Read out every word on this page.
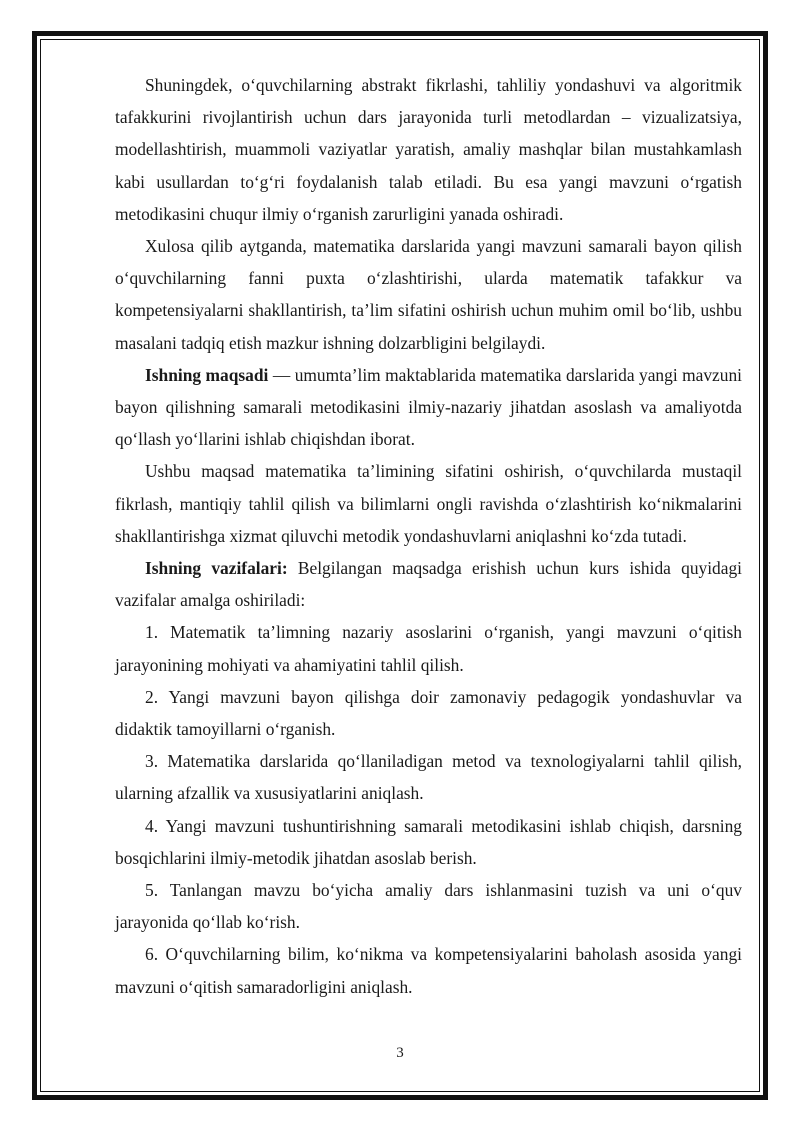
Shuningdek, o‘quvchilarning abstrakt fikrlashi, tahliliy yondashuvi va algoritmik tafakkurini rivojlantirish uchun dars jarayonida turli metodlardan – vizualizatsiya, modellashtirish, muammoli vaziyatlar yaratish, amaliy mashqlar bilan mustahkamlash kabi usullardan to‘g‘ri foydalanish talab etiladi. Bu esa yangi mavzuni o‘rgatish metodikasini chuqur ilmiy o‘rganish zarurligini yanada oshiradi.

Xulosa qilib aytganda, matematika darslarida yangi mavzuni samarali bayon qilish o‘quvchilarning fanni puxta o‘zlashtirishi, ularda matematik tafakkur va kompetensiyalarni shakllantirish, ta’lim sifatini oshirish uchun muhim omil bo‘lib, ushbu masalani tadqiq etish mazkur ishning dolzarbligini belgilaydi.

Ishning maqsadi — umumta’lim maktablarida matematika darslarida yangi mavzuni bayon qilishning samarali metodikasini ilmiy-nazariy jihatdan asoslash va amaliyotda qo‘llash yo‘llarini ishlab chiqishdan iborat.

Ushbu maqsad matematika ta’limining sifatini oshirish, o‘quvchilarda mustaqil fikrlash, mantiqiy tahlil qilish va bilimlarni ongli ravishda o‘zlashtirish ko‘nikmalarini shakllantirishga xizmat qiluvchi metodik yondashuvlarni aniqlashni ko‘zda tutadi.

Ishning vazifalari: Belgilangan maqsadga erishish uchun kurs ishida quyidagi vazifalar amalga oshiriladi:

1. Matematik ta’limning nazariy asoslarini o‘rganish, yangi mavzuni o‘qitish jarayonining mohiyati va ahamiyatini tahlil qilish.

2. Yangi mavzuni bayon qilishga doir zamonaviy pedagogik yondashuvlar va didaktik tamoyillarni o‘rganish.

3. Matematika darslarida qo‘llaniladigan metod va texnologiyalarni tahlil qilish, ularning afzallik va xususiyatlarini aniqlash.

4. Yangi mavzuni tushuntirishning samarali metodikasini ishlab chiqish, darsning bosqichlarini ilmiy-metodik jihatdan asoslab berish.

5. Tanlangan mavzu bo‘yicha amaliy dars ishlanmasini tuzish va uni o‘quv jarayonida qo‘llab ko‘rish.

6. O‘quvchilarning bilim, ko‘nikma va kompetensiyalarini baholash asosida yangi mavzuni o‘qitish samaradorligini aniqlash.

3
